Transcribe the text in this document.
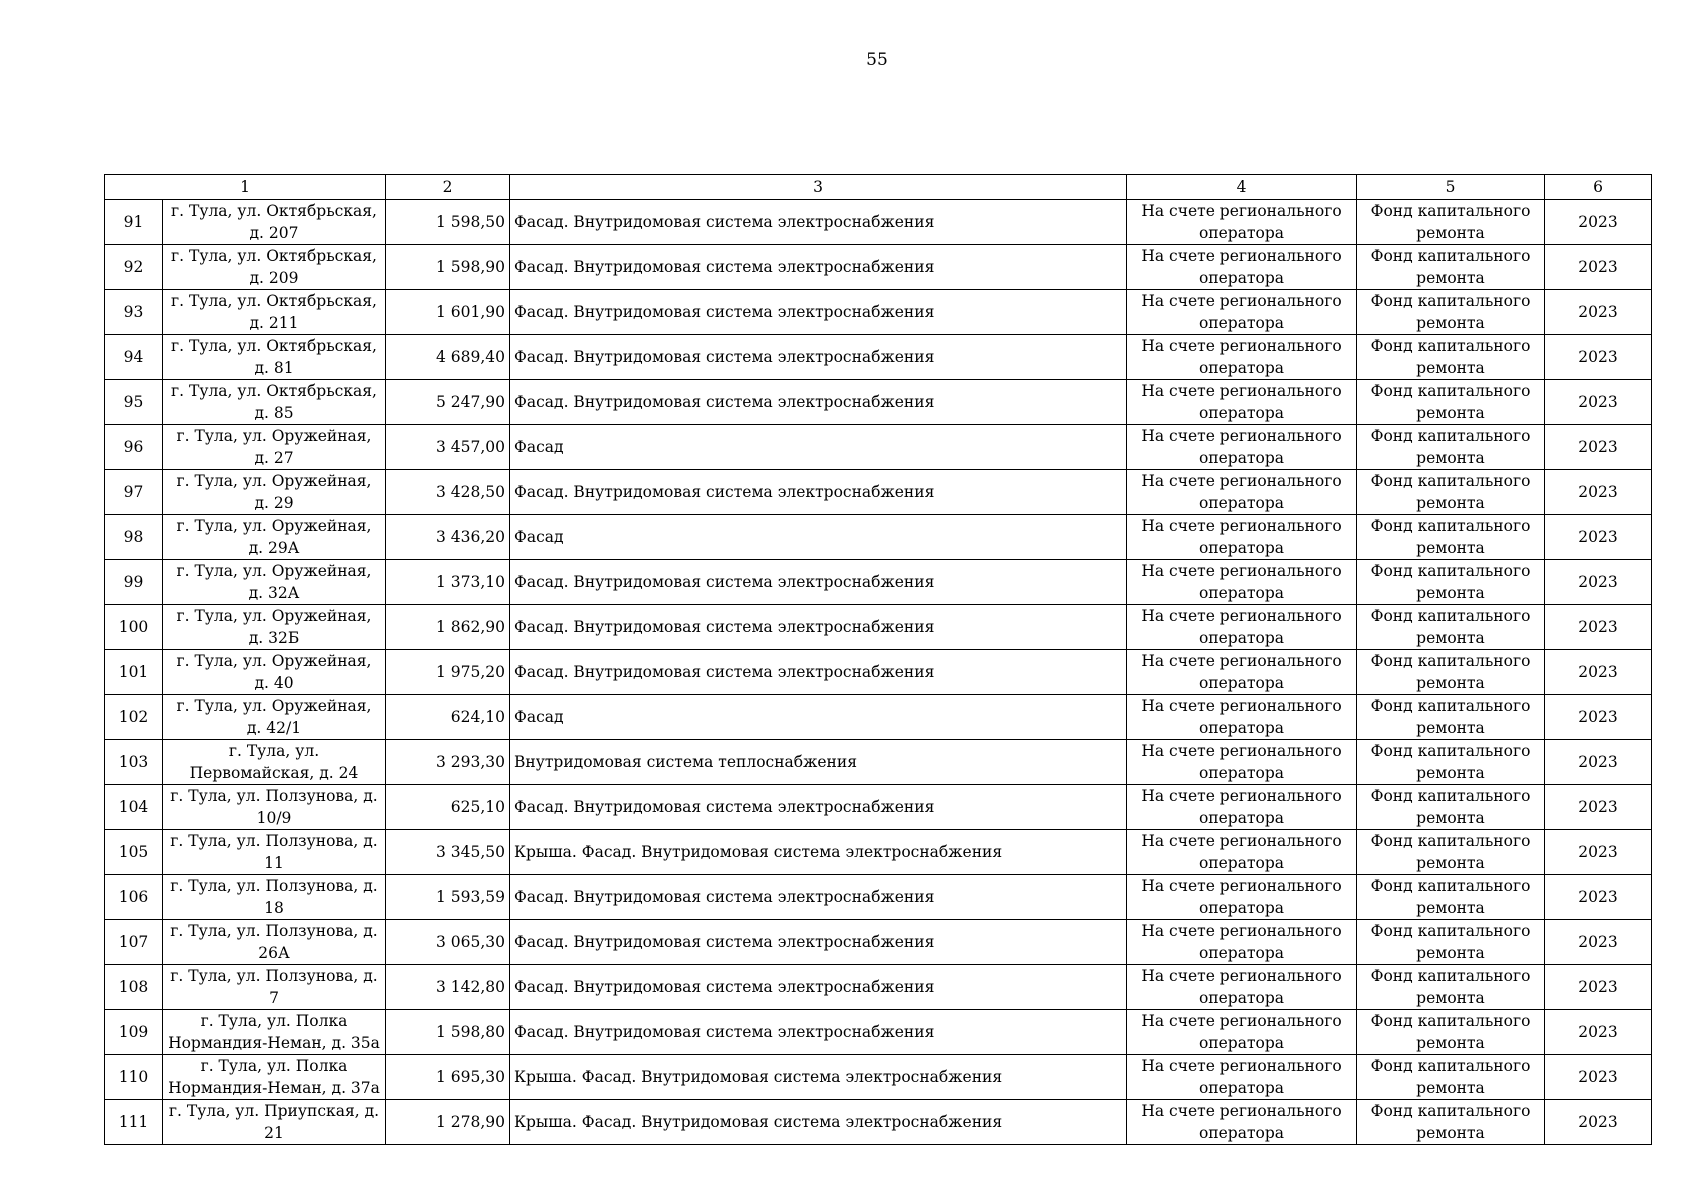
55
1		2	3	4	5	6
91	г. Тула, ул. Октябрьская, д. 207	1 598,50	Фасад. Внутридомовая система электроснабжения	На счете регионального оператора	Фонд капитального ремонта	2023
92	г. Тула, ул. Октябрьская, д. 209	1 598,90	Фасад. Внутридомовая система электроснабжения	На счете регионального оператора	Фонд капитального ремонта	2023
93	г. Тула, ул. Октябрьская, д. 211	1 601,90	Фасад. Внутридомовая система электроснабжения	На счете регионального оператора	Фонд капитального ремонта	2023
94	г. Тула, ул. Октябрьская, д. 81	4 689,40	Фасад. Внутридомовая система электроснабжения	На счете регионального оператора	Фонд капитального ремонта	2023
95	г. Тула, ул. Октябрьская, д. 85	5 247,90	Фасад. Внутридомовая система электроснабжения	На счете регионального оператора	Фонд капитального ремонта	2023
96	г. Тула, ул. Оружейная, д. 27	3 457,00	Фасад	На счете регионального оператора	Фонд капитального ремонта	2023
97	г. Тула, ул. Оружейная, д. 29	3 428,50	Фасад. Внутридомовая система электроснабжения	На счете регионального оператора	Фонд капитального ремонта	2023
98	г. Тула, ул. Оружейная, д. 29А	3 436,20	Фасад	На счете регионального оператора	Фонд капитального ремонта	2023
99	г. Тула, ул. Оружейная, д. 32А	1 373,10	Фасад. Внутридомовая система электроснабжения	На счете регионального оператора	Фонд капитального ремонта	2023
100	г. Тула, ул. Оружейная, д. 32Б	1 862,90	Фасад. Внутридомовая система электроснабжения	На счете регионального оператора	Фонд капитального ремонта	2023
101	г. Тула, ул. Оружейная, д. 40	1 975,20	Фасад. Внутридомовая система электроснабжения	На счете регионального оператора	Фонд капитального ремонта	2023
102	г. Тула, ул. Оружейная, д. 42/1	624,10	Фасад	На счете регионального оператора	Фонд капитального ремонта	2023
103	г. Тула, ул. Первомайская, д. 24	3 293,30	Внутридомовая система теплоснабжения	На счете регионального оператора	Фонд капитального ремонта	2023
104	г. Тула, ул. Ползунова, д. 10/9	625,10	Фасад. Внутридомовая система электроснабжения	На счете регионального оператора	Фонд капитального ремонта	2023
105	г. Тула, ул. Ползунова, д. 11	3 345,50	Крыша. Фасад. Внутридомовая система электроснабжения	На счете регионального оператора	Фонд капитального ремонта	2023
106	г. Тула, ул. Ползунова, д. 18	1 593,59	Фасад. Внутридомовая система электроснабжения	На счете регионального оператора	Фонд капитального ремонта	2023
107	г. Тула, ул. Ползунова, д. 26А	3 065,30	Фасад. Внутридомовая система электроснабжения	На счете регионального оператора	Фонд капитального ремонта	2023
108	г. Тула, ул. Ползунова, д. 7	3 142,80	Фасад. Внутридомовая система электроснабжения	На счете регионального оператора	Фонд капитального ремонта	2023
109	г. Тула, ул. Полка Нормандия-Неман, д. 35а	1 598,80	Фасад. Внутридомовая система электроснабжения	На счете регионального оператора	Фонд капитального ремонта	2023
110	г. Тула, ул. Полка Нормандия-Неман, д. 37а	1 695,30	Крыша. Фасад. Внутридомовая система электроснабжения	На счете регионального оператора	Фонд капитального ремонта	2023
111	г. Тула, ул. Приупская, д. 21	1 278,90	Крыша. Фасад. Внутридомовая система электроснабжения	На счете регионального оператора	Фонд капитального ремонта	2023
